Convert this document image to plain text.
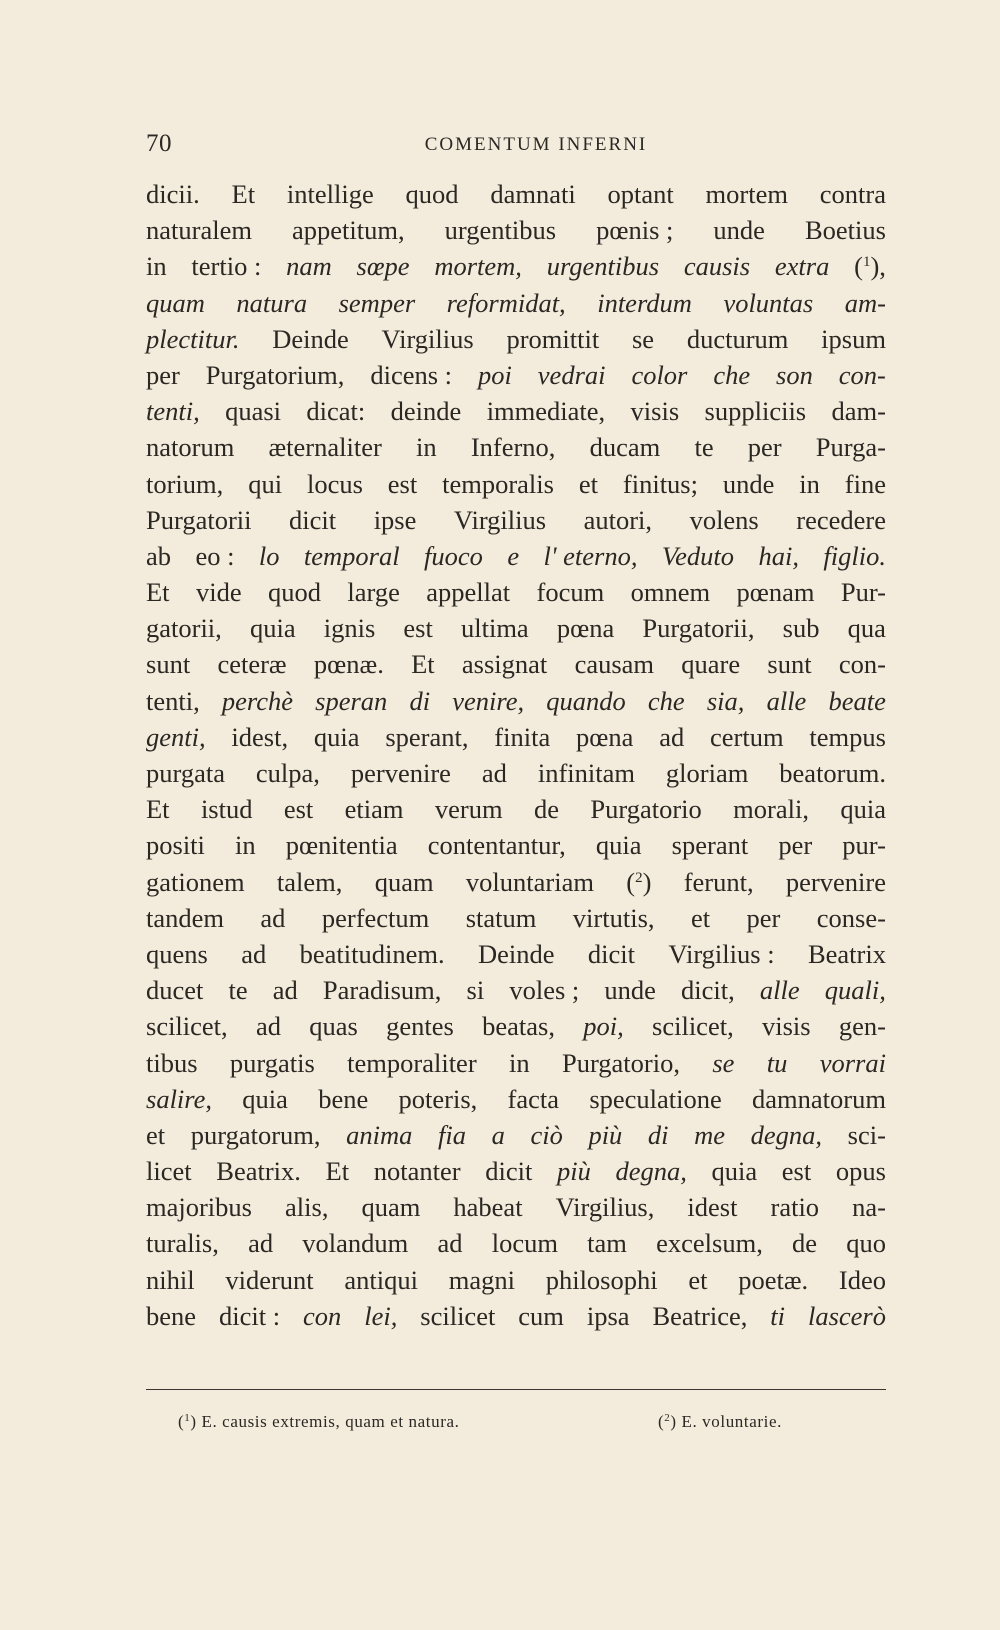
70	COMENTUM INFERNI
dicii. Et intellige quod damnati optant mortem contra
naturalem appetitum, urgentibus pœnis ; unde Boetius
in tertio : nam sœpe mortem, urgentibus causis extra ($^1$),
quam natura semper reformidat, interdum voluntas am-
plectitur. Deinde Virgilius promittit se ducturum ipsum
per Purgatorium, dicens : poi vedrai color che son con-
tenti, quasi dicat: deinde immediate, visis suppliciis dam-
natorum æternaliter in Inferno, ducam te per Purga-
torium, qui locus est temporalis et finitus; unde in fine
Purgatorii dicit ipse Virgilius autori, volens recedere
ab eo : lo temporal fuoco e l' eterno, Veduto hai, figlio.
Et vide quod large appellat focum omnem pœnam Pur-
gatorii, quia ignis est ultima pœna Purgatorii, sub qua
sunt ceteræ pœnæ. Et assignat causam quare sunt con-
tenti, perchè speran di venire, quando che sia, alle beate
genti, idest, quia sperant, finita pœna ad certum tempus
purgata culpa, pervenire ad infinitam gloriam beatorum.
Et istud est etiam verum de Purgatorio morali, quia
positi in pœnitentia contentantur, quia sperant per pur-
gationem talem, quam voluntariam ($^2$) ferunt, pervenire
tandem ad perfectum statum virtutis, et per conse-
quens ad beatitudinem. Deinde dicit Virgilius : Beatrix
ducet te ad Paradisum, si voles ; unde dicit, alle quali,
scilicet, ad quas gentes beatas, poi, scilicet, visis gen-
tibus purgatis temporaliter in Purgatorio, se tu vorrai
salire, quia bene poteris, facta speculatione damnatorum
et purgatorum, anima fia a ciò più di me degna, sci-
licet Beatrix. Et notanter dicit più degna, quia est opus
majoribus alis, quam habeat Virgilius, idest ratio na-
turalis, ad volandum ad locum tam excelsum, de quo
nihil viderunt antiqui magni philosophi et poetæ. Ideo
bene dicit : con lei, scilicet cum ipsa Beatrice, ti lascerò
($^1$) E. causis extremis, quam et natura.	($^2$) E. voluntarie.
